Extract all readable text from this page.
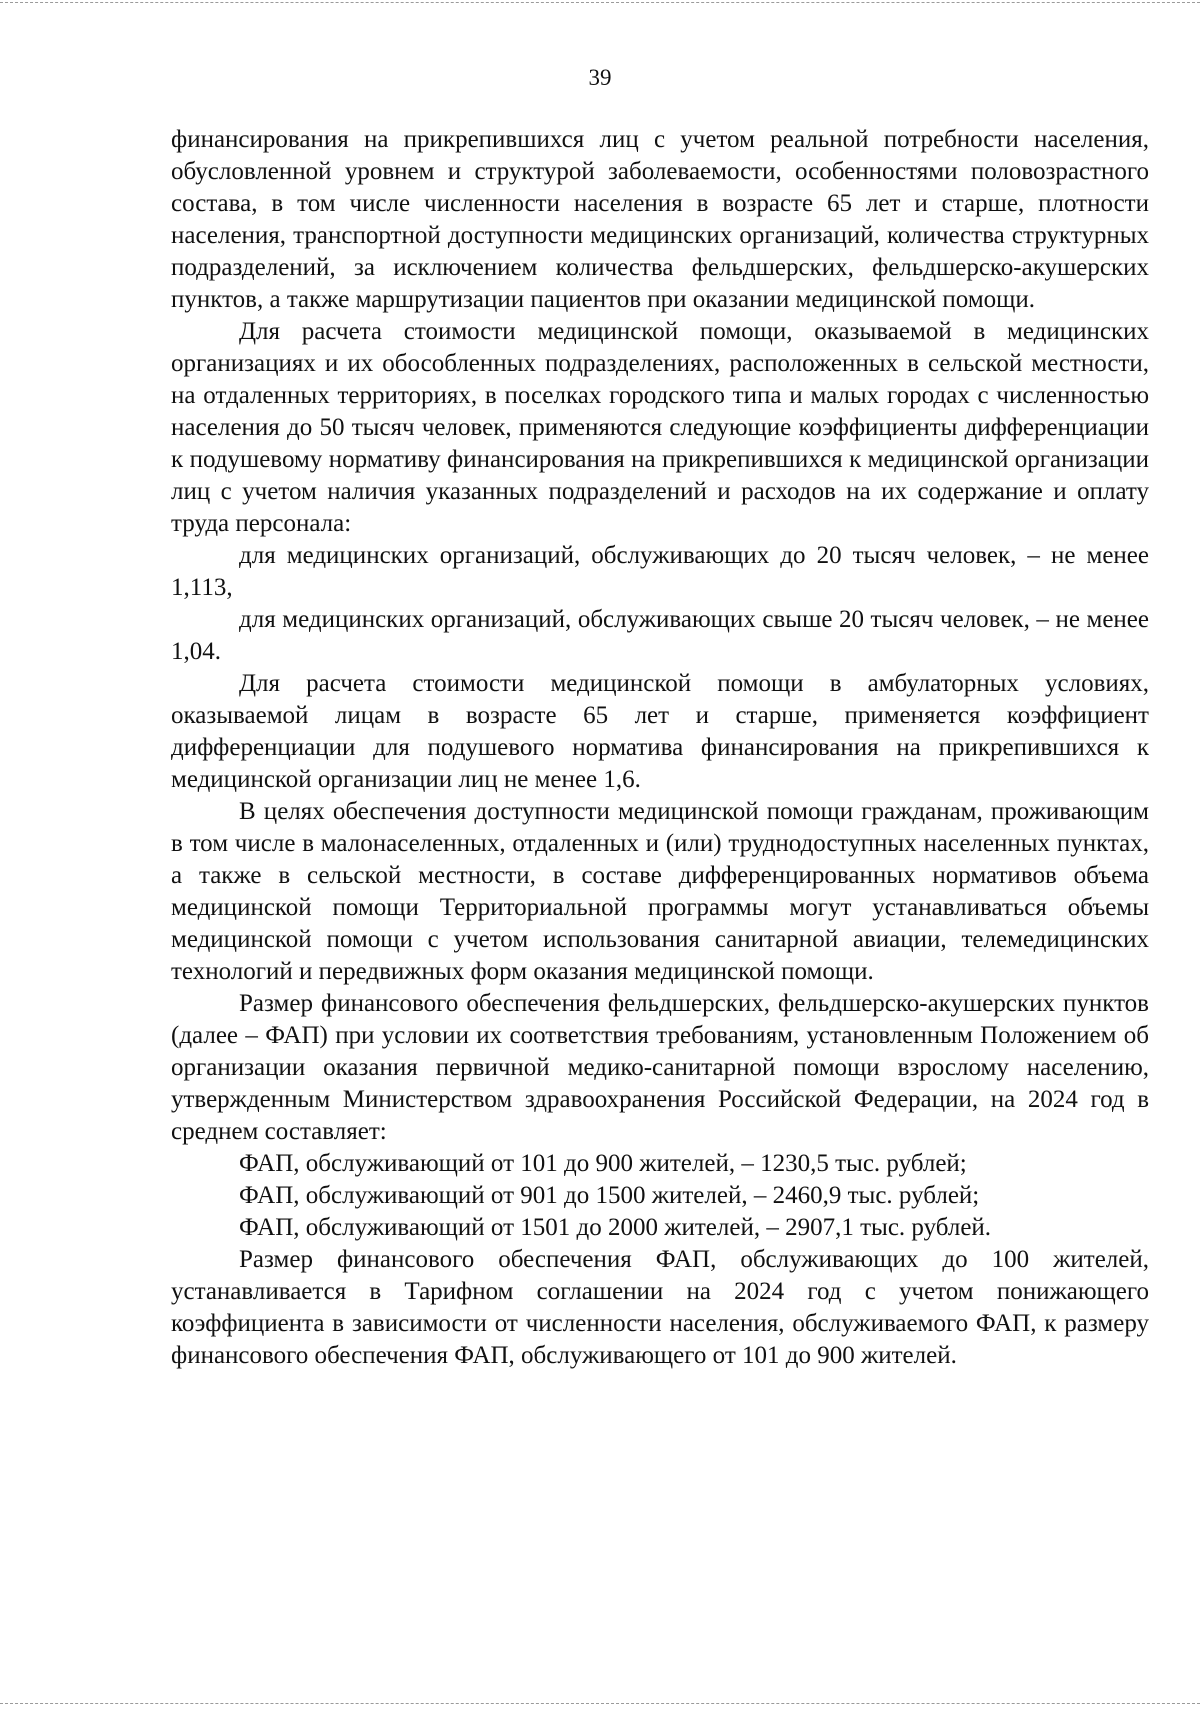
39

финансирования на прикрепившихся лиц с учетом реальной потребности населения, обусловленной уровнем и структурой заболеваемости, особенностями половозрастного состава, в том числе численности населения в возрасте 65 лет и старше, плотности населения, транспортной доступности медицинских организаций, количества структурных подразделений, за исключением количества фельдшерских, фельдшерско-акушерских пунктов, а также маршрутизации пациентов при оказании медицинской помощи.

Для расчета стоимости медицинской помощи, оказываемой в медицинских организациях и их обособленных подразделениях, расположенных в сельской местности, на отдаленных территориях, в поселках городского типа и малых городах с численностью населения до 50 тысяч человек, применяются следующие коэффициенты дифференциации к подушевому нормативу финансирования на прикрепившихся к медицинской организации лиц с учетом наличия указанных подразделений и расходов на их содержание и оплату труда персонала:

для медицинских организаций, обслуживающих до 20 тысяч человек, – не менее 1,113,

для медицинских организаций, обслуживающих свыше 20 тысяч человек, – не менее 1,04.

Для расчета стоимости медицинской помощи в амбулаторных условиях, оказываемой лицам в возрасте 65 лет и старше, применяется коэффициент дифференциации для подушевого норматива финансирования на прикрепившихся к медицинской организации лиц не менее 1,6.

В целях обеспечения доступности медицинской помощи гражданам, проживающим в том числе в малонаселенных, отдаленных и (или) труднодоступных населенных пунктах, а также в сельской местности, в составе дифференцированных нормативов объема медицинской помощи Территориальной программы могут устанавливаться объемы медицинской помощи с учетом использования санитарной авиации, телемедицинских технологий и передвижных форм оказания медицинской помощи.

Размер финансового обеспечения фельдшерских, фельдшерско-акушерских пунктов (далее – ФАП) при условии их соответствия требованиям, установленным Положением об организации оказания первичной медико-санитарной помощи взрослому населению, утвержденным Министерством здравоохранения Российской Федерации, на 2024 год в среднем составляет:

ФАП, обслуживающий от 101 до 900 жителей, – 1230,5 тыс. рублей;

ФАП, обслуживающий от 901 до 1500 жителей, – 2460,9 тыс. рублей;

ФАП, обслуживающий от 1501 до 2000 жителей, – 2907,1 тыс. рублей.

Размер финансового обеспечения ФАП, обслуживающих до 100 жителей, устанавливается в Тарифном соглашении на 2024 год с учетом понижающего коэффициента в зависимости от численности населения, обслуживаемого ФАП, к размеру финансового обеспечения ФАП, обслуживающего от 101 до 900 жителей.
